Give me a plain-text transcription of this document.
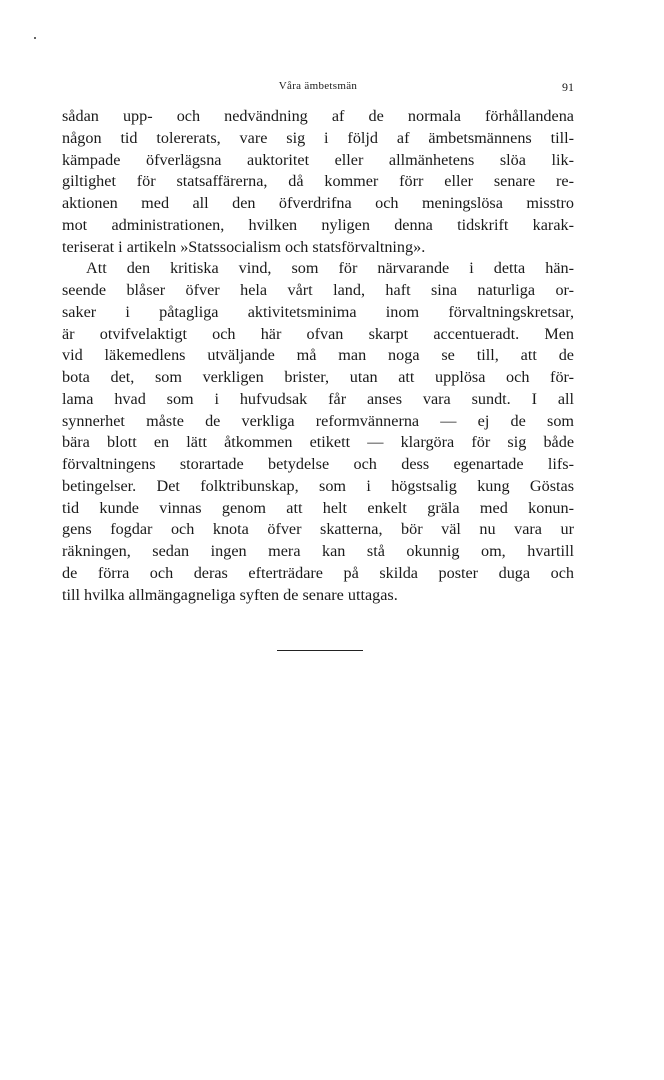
Våra ämbetsmän	91
sådan upp- och nedvändning af de normala förhållandena
någon tid tolererats, vare sig i följd af ämbetsmännens till-
kämpade öfverlägsna auktoritet eller allmänhetens slöa lik-
giltighet för statsaffärerna, då kommer förr eller senare re-
aktionen med all den öfverdrifna och meningslösa misstro
mot administrationen, hvilken nyligen denna tidskrift karak-
teriserat i artikeln »Statssocialism och statsförvaltning».
Att den kritiska vind, som för närvarande i detta hän-
seende blåser öfver hela vårt land, haft sina naturliga or-
saker i påtagliga aktivitetsminima inom förvaltningskretsar,
är otvifvelaktigt och här ofvan skarpt accentueradt. Men
vid läkemedlens utväljande må man noga se till, att de
bota det, som verkligen brister, utan att upplösa och för-
lama hvad som i hufvudsak får anses vara sundt. I all
synnerhet måste de verkliga reformvännerna — ej de som
bära blott en lätt åtkommen etikett — klargöra för sig både
förvaltningens storartade betydelse och dess egenartade lifs-
betingelser. Det folktribunskap, som i högstsalig kung Göstas
tid kunde vinnas genom att helt enkelt gräla med konun-
gens fogdar och knota öfver skatterna, bör väl nu vara ur
räkningen, sedan ingen mera kan stå okunnig om, hvartill
de förra och deras efterträdare på skilda poster duga och
till hvilka allmängagneliga syften de senare uttagas.
